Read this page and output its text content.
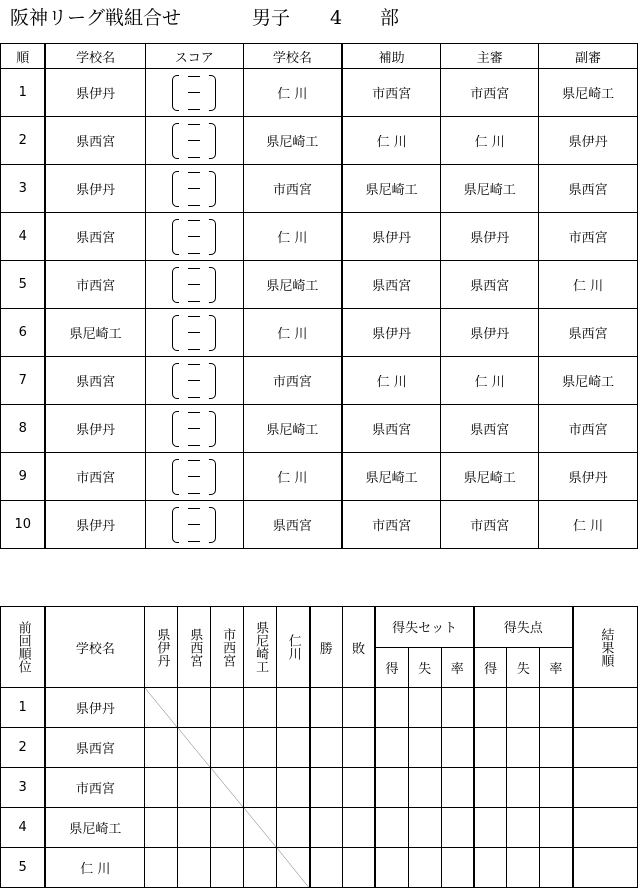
阪神リーグ戦組合せ	男子 4 部
順	学校名	スコア	学校名	補助	主審	副審
1	県伊丹		仁 川	市西宮	市西宮	県尼崎工
2	県西宮		県尼崎工	仁 川	仁 川	県伊丹
3	県伊丹		市西宮	県尼崎工	県尼崎工	県西宮
4	県西宮		仁 川	県伊丹	県伊丹	市西宮
5	市西宮		県尼崎工	県西宮	県西宮	仁 川
6	県尼崎工		仁 川	県伊丹	県伊丹	県西宮
7	県西宮		市西宮	仁 川	仁 川	県尼崎工
8	県伊丹		県尼崎工	県西宮	県西宮	市西宮
9	市西宮		仁 川	県尼崎工	県尼崎工	県伊丹
10	県伊丹		県西宮	市西宮	市西宮	仁 川
前回順位	学校名	県伊丹	県西宮	市西宮	県尼崎工	仁川	勝	敗	得失セット			得失点			結果順

									得	失	率	得	失	率	
1	県伊丹	

2	県西宮		

3	市西宮			

4	県尼崎工				

5	仁 川					
